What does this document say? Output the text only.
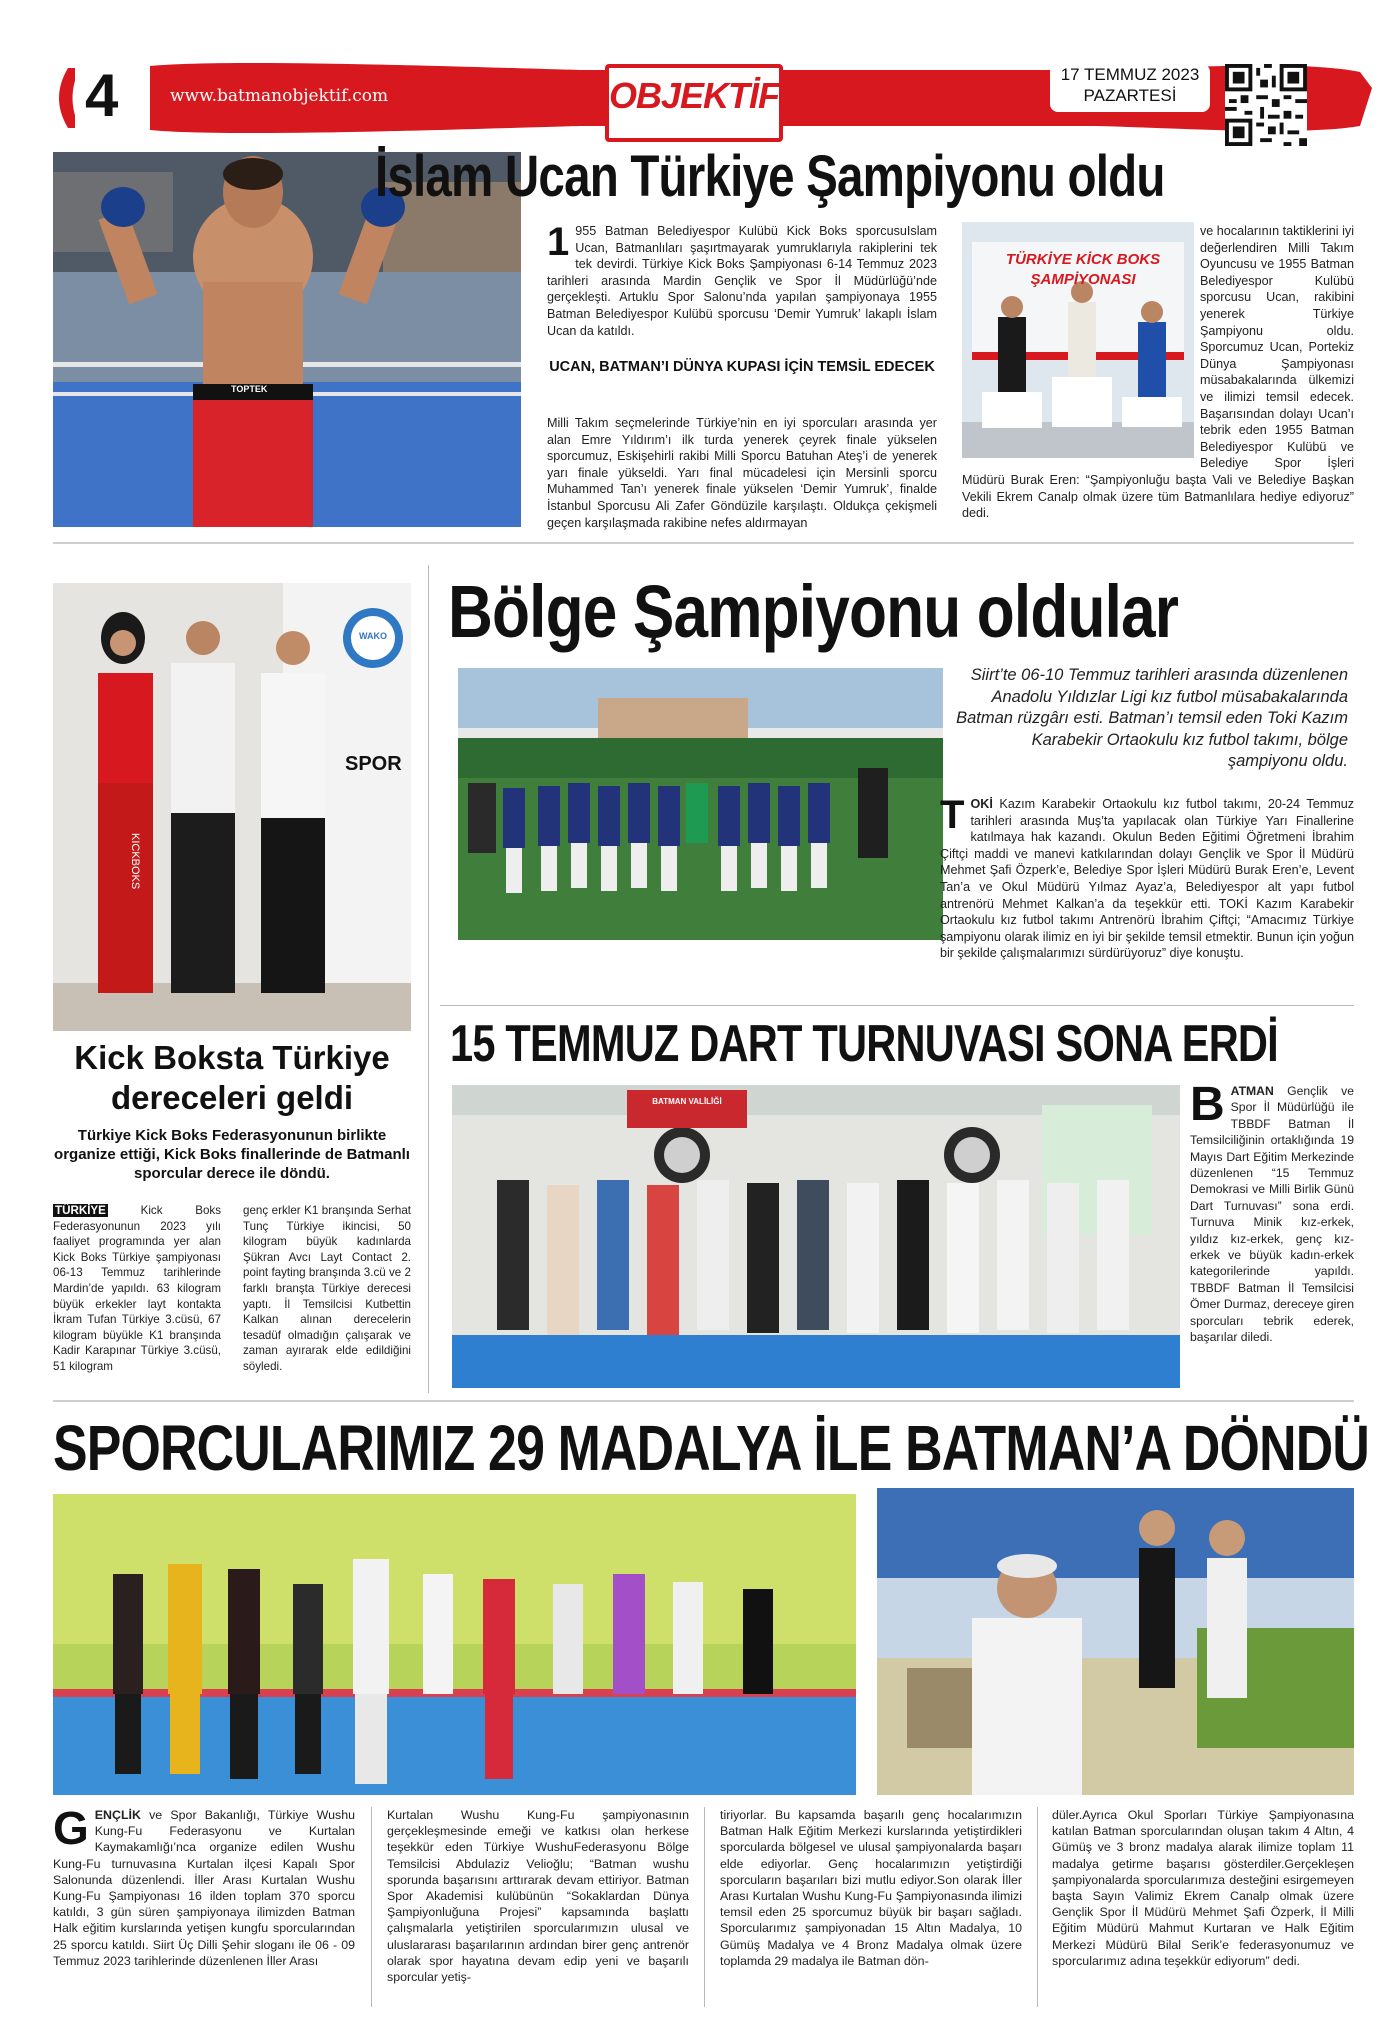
4	www.batmanobjektif.com	OBJEKTİF
17 TEMMUZ 2023
PAZARTESİ
TOPTEK
İslam Ucan Türkiye Şampiyonu oldu
1 955 Batman Belediyespor Kulübü Kick Boks sporcusuIslam Ucan, Batmanlıları şaşırtmayarak yumruklarıyla rakiplerini tek tek devirdi. Türkiye Kick Boks Şampiyonası 6-14 Temmuz 2023 tarihleri arasında Mardin Gençlik ve Spor İl Müdürlüğü’nde gerçekleşti. Artuklu Spor Salonu’nda yapılan şampiyonaya 1955 Batman Belediyespor Kulübü sporcusu ‘Demir Yumruk’ lakaplı İslam Ucan da katıldı.
UCAN, BATMAN’I DÜNYA KUPASI İÇİN TEMSİL EDECEK
Milli Takım seçmelerinde Türkiye’nin en iyi sporcuları arasında yer alan Emre Yıldırım’ı ilk turda yenerek çeyrek finale yükselen sporcumuz, Eskişehirli rakibi Milli Sporcu Batuhan Ateş’i de yenerek yarı finale yükseldi. Yarı final mücadelesi için Mersinli sporcu Muhammed Tan’ı yenerek finale yükselen ‘Demir Yumruk’, finalde İstanbul Sporcusu Ali Zafer Göndüzile karşılaştı. Oldukça çekişmeli geçen karşılaşmada rakibine nefes aldırmayan
TÜRKİYE KİCK BOKS ŞAMPİYONASI
ve hocalarının taktiklerini iyi değerlendiren Milli Takım Oyuncusu ve 1955 Batman Belediyespor Kulübü sporcusu Ucan, rakibini yenerek Türkiye Şampiyonu oldu. Sporcumuz Ucan, Portekiz Dünya Şampiyonası müsabakalarında ülkemizi ve ilimizi temsil edecek. Başarısından dolayı Ucan’ı tebrik eden 1955 Batman Belediyespor Kulübü ve Belediye Spor İşleri Müdürü Burak Eren: “Şampiyonluğu başta Vali ve Belediye Başkan Vekili Ekrem Canalp olmak üzere tüm Batmanlılara hediye ediyoruz” dedi.
KICKBOKS
SPOR
WAKO
Kick Boksta Türkiye dereceleri geldi
Türkiye Kick Boks Federasyonunun birlikte organize ettiği, Kick Boks finallerinde de Batmanlı sporcular derece ile döndü.
TÜRKİYE	Kick Boks Federasyonunun 2023 yılı faaliyet programında yer alan Kick Boks Türkiye şampiyonası 06-13 Temmuz tarihlerinde Mardin’de yapıldı. 63 kilogram büyük erkekler layt kontakta İkram Tufan Türkiye 3.cüsü, 67 kilogram büyükle K1 branşında Kadir Karapınar Türkiye 3.cüsü, 51 kilogram
genç erkler K1 branşında Serhat Tunç Türkiye ikincisi, 50 kilogram büyük kadınlarda Şükran Avcı Layt Contact 2. point fayting branşında 3.cü ve 2 farklı branşta Türkiye derecesi yaptı. İl Temsilcisi Kutbettin Kalkan alınan derecelerin tesadüf olmadığın çalışarak ve zaman ayırarak elde edildiğini söyledi.
Bölge Şampiyonu oldular
Siirt’te 06-10 Temmuz tarihleri arasında düzenlenen Anadolu Yıldızlar Ligi kız futbol müsabakalarında Batman rüzgârı esti. Batman’ı temsil eden Toki Kazım Karabekir Ortaokulu kız futbol takımı, bölge şampiyonu oldu.
T OKİ Kazım Karabekir Ortaokulu kız futbol takımı, 20-24 Temmuz tarihleri arasında Muş’ta yapılacak olan Türkiye Yarı Finallerine katılmaya hak kazandı. Okulun Beden Eğitimi Öğretmeni İbrahim Çiftçi maddi ve manevi katkılarından dolayı Gençlik ve Spor İl Müdürü Mehmet Şafi Özperk’e, Belediye Spor İşleri Müdürü Burak Eren’e, Levent Tan’a ve Okul Müdürü Yılmaz Ayaz’a, Belediyespor alt yapı futbol antrenörü Mehmet Kalkan’a da teşekkür etti. TOKİ Kazım Karabekir Ortaokulu kız futbol takımı Antrenörü İbrahim Çiftçi; “Amacımız Türkiye şampiyonu olarak ilimiz en iyi bir şekilde temsil etmektir. Bunun için yoğun bir şekilde çalışmalarımızı sürdürüyoruz” diye konuştu.
15 TEMMUZ DART TURNUVASI SONA ERDİ
BATMAN VALİLİĞİ	B ATMAN Gençlik ve Spor İl Müdürlüğü ile TBBDF Batman İl Temsilciliğinin ortaklığında 19 Mayıs Dart Eğitim Merkezinde düzenlenen “15 Temmuz Demokrasi ve Milli Birlik Günü Dart Turnuvası” sona erdi. Turnuva Minik kız-erkek, yıldız kız-erkek, genç kız-erkek ve büyük kadın-erkek kategorilerinde yapıldı. TBBDF Batman İl Temsilcisi Ömer Durmaz, dereceye giren sporcuları tebrik ederek, başarılar diledi.
SPORCULARIMIZ 29 MADALYA İLE BATMAN’A DÖNDÜ
G ENÇLİK ve Spor Bakanlığı, Türkiye Wushu Kung-Fu Federasyonu ve Kurtalan Kaymakamlığı’nca organize edilen Wushu Kung-Fu turnuvasına Kurtalan ilçesi Kapalı Spor Salonunda düzenlendi. İller Arası Kurtalan Wushu Kung-Fu Şampiyonası 16 ilden toplam 370 sporcu katıldı, 3 gün süren şampiyonaya ilimizden Batman Halk eğitim kurslarında yetişen kungfu sporcularından 25 sporcu katıldı. Siirt Üç Dilli Şehir sloganı ile 06 - 09 Temmuz 2023 tarihlerinde düzenlenen İller Arası
Kurtalan Wushu Kung-Fu şampiyonasının gerçekleşmesinde emeği ve katkısı olan herkese teşekkür eden Türkiye WushuFederasyonu Bölge Temsilcisi Abdulaziz Velioğlu; “Batman wushu sporunda başarısını arttırarak devam ettiriyor. Batman Spor Akademisi kulübünün “Sokaklardan Dünya Şampiyonluğuna Projesi” kapsamında başlattı çalışmalarla yetiştirilen sporcularımızın ulusal ve uluslararası başarılarının ardından birer genç antrenör olarak spor hayatına devam edip yeni ve başarılı sporcular yetiş-
tiriyorlar. Bu kapsamda başarılı genç hocalarımızın Batman Halk Eğitim Merkezi kurslarında yetiştirdikleri sporcularda bölgesel ve ulusal şampiyonalarda başarı elde ediyorlar. Genç hocalarımızın yetiştirdiği sporcuların başarıları bizi mutlu ediyor.Son olarak İller Arası Kurtalan Wushu Kung-Fu Şampiyonasında ilimizi temsil eden 25 sporcumuz büyük bir başarı sağladı. Sporcularımız şampiyonadan 15 Altın Madalya, 10 Gümüş Madalya ve 4 Bronz Madalya olmak üzere toplamda 29 madalya ile Batman dön-
düler.Ayrıca Okul Sporları Türkiye Şampiyonasına katılan Batman sporcularından oluşan takım 4 Altın, 4 Gümüş ve 3 bronz madalya alarak ilimize toplam 11 madalya getirme başarısı gösterdiler.Gerçekleşen şampiyonalarda sporcularımıza desteğini esirgemeyen başta Sayın Valimiz Ekrem Canalp olmak üzere Gençlik Spor İl Müdürü Mehmet Şafi Özperk, İl Milli Eğitim Müdürü Mahmut Kurtaran ve Halk Eğitim Merkezi Müdürü Bilal Serik’e federasyonumuz ve sporcularımız adına teşekkür ediyorum” dedi.
